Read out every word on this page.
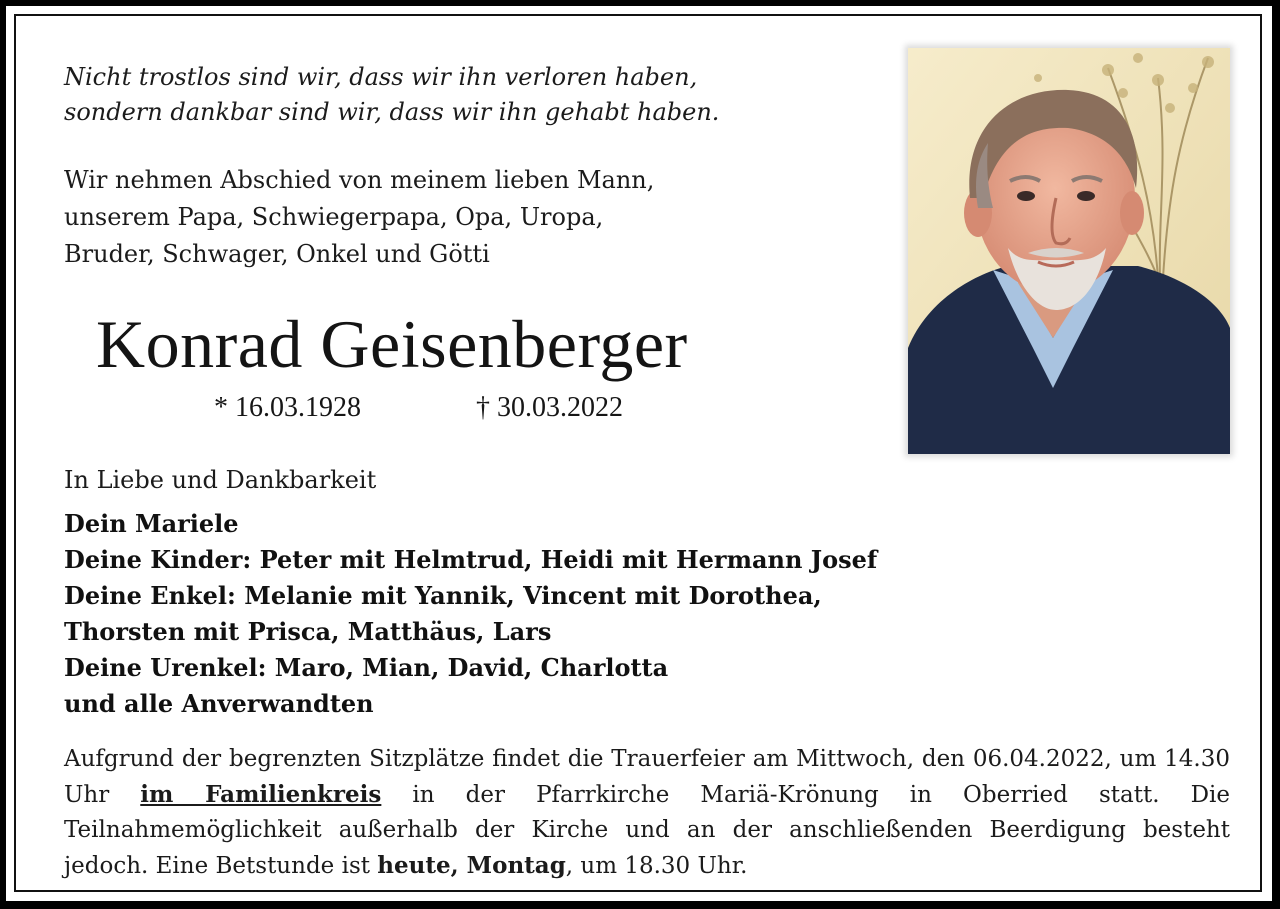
Nicht trostlos sind wir, dass wir ihn verloren haben,
sondern dankbar sind wir, dass wir ihn gehabt haben.
Wir nehmen Abschied von meinem lieben Mann,
unserem Papa, Schwiegerpapa, Opa, Uropa,
Bruder, Schwager, Onkel und Götti
Konrad Geisenberger
* 16.03.1928	† 30.03.2022
In Liebe und Dankbarkeit
Dein Mariele
Deine Kinder: Peter mit Helmtrud, Heidi mit Hermann Josef
Deine Enkel: Melanie mit Yannik, Vincent mit Dorothea,
Thorsten mit Prisca, Matthäus, Lars
Deine Urenkel: Maro, Mian, David, Charlotta
und alle Anverwandten
Aufgrund der begrenzten Sitzplätze findet die Trauerfeier am Mittwoch, den 06.04.2022, um 14.30 Uhr im Familienkreis in der Pfarrkirche Mariä-Krönung in Oberried statt. Die Teilnahmemöglichkeit außerhalb der Kirche und an der anschließenden Beerdigung besteht jedoch. Eine Betstunde ist heute, Montag, um 18.30 Uhr.
